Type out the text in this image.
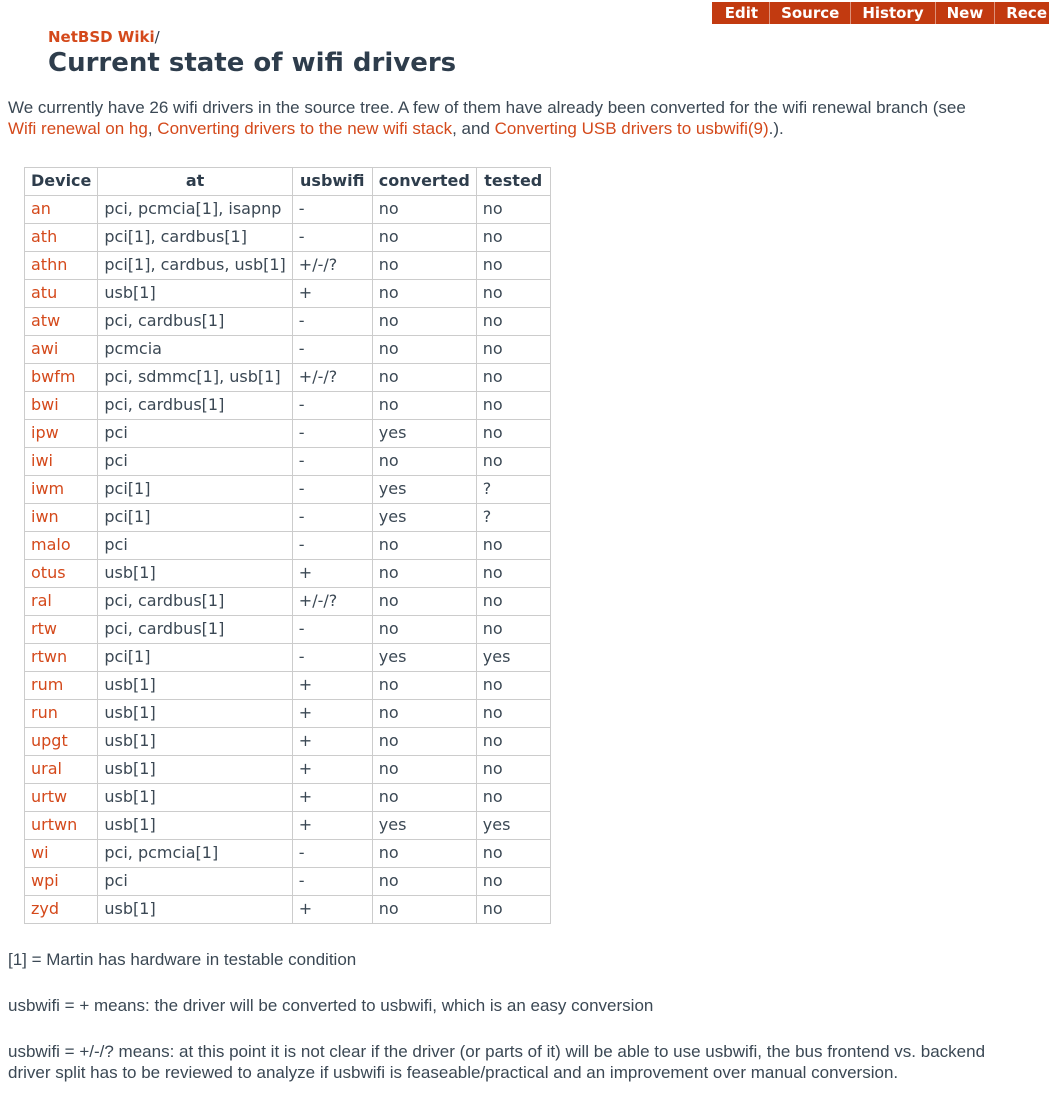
Edit	Source	History	New	Rece
NetBSD Wiki/
Current state of wifi drivers

We currently have 26 wifi drivers in the source tree. A few of them have already been converted for the wifi renewal branch (see Wifi renewal on hg, Converting drivers to the new wifi stack, and Converting USB drivers to usbwifi(9).).

Device	at	usbwifi	converted	tested
an	pci, pcmcia[1], isapnp	-	no	no
ath	pci[1], cardbus[1]	-	no	no
athn	pci[1], cardbus, usb[1]	+/-/?	no	no
atu	usb[1]	+	no	no
atw	pci, cardbus[1]	-	no	no
awi	pcmcia	-	no	no
bwfm	pci, sdmmc[1], usb[1]	+/-/?	no	no
bwi	pci, cardbus[1]	-	no	no
ipw	pci	-	yes	no
iwi	pci	-	no	no
iwm	pci[1]	-	yes	?
iwn	pci[1]	-	yes	?
malo	pci	-	no	no
otus	usb[1]	+	no	no
ral	pci, cardbus[1]	+/-/?	no	no
rtw	pci, cardbus[1]	-	no	no
rtwn	pci[1]	-	yes	yes
rum	usb[1]	+	no	no
run	usb[1]	+	no	no
upgt	usb[1]	+	no	no
ural	usb[1]	+	no	no
urtw	usb[1]	+	no	no
urtwn	usb[1]	+	yes	yes
wi	pci, pcmcia[1]	-	no	no
wpi	pci	-	no	no
zyd	usb[1]	+	no	no

[1] = Martin has hardware in testable condition

usbwifi = + means: the driver will be converted to usbwifi, which is an easy conversion

usbwifi = +/-/? means: at this point it is not clear if the driver (or parts of it) will be able to use usbwifi, the bus frontend vs. backend driver split has to be reviewed to analyze if usbwifi is feaseable/practical and an improvement over manual conversion.
